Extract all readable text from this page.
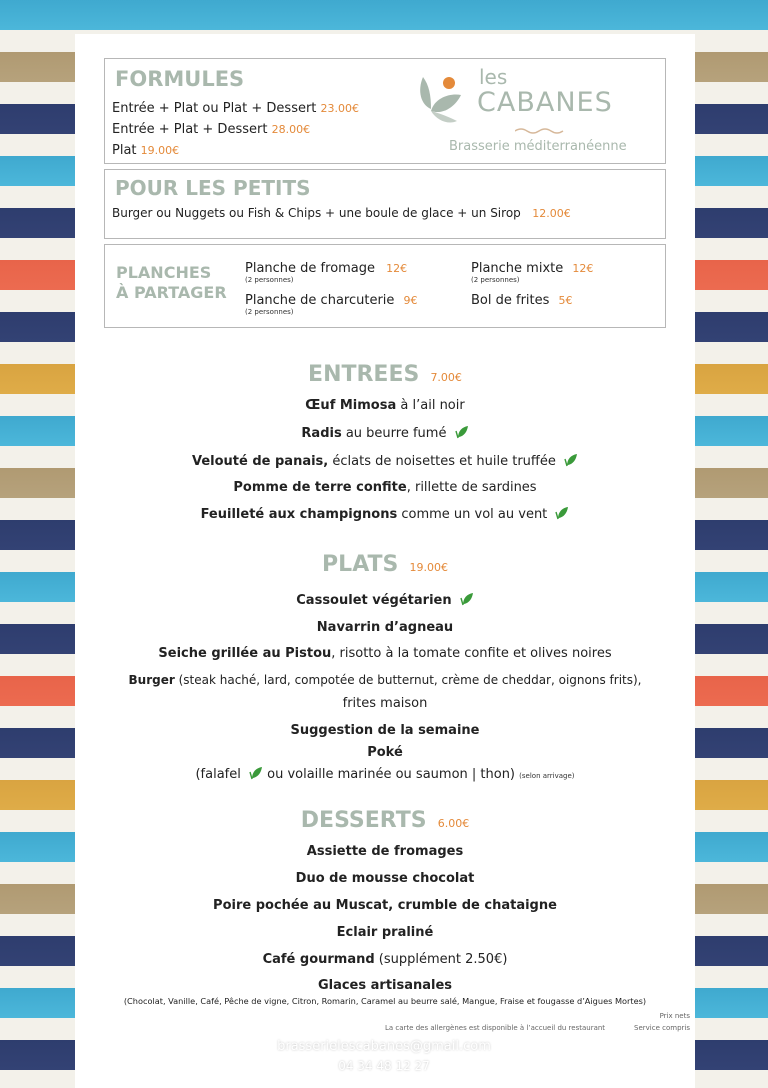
FORMULES
Entrée + Plat ou Plat + Dessert 23.00€
Entrée + Plat + Dessert 28.00€
Plat 19.00€
les
CABANES
Brasserie méditerranéenne
POUR LES PETITS
Burger ou Nuggets ou Fish & Chips + une boule de glace + un Sirop 12.00€
PLANCHES
À PARTAGER
Planche de fromage 12€
(2 personnes)
Planche de charcuterie 9€
(2 personnes)
Planche mixte 12€
(2 personnes)
Bol de frites 5€
ENTREES 7.00€
Œuf Mimosa à l’ail noir
Radis au beurre fumé
Velouté de panais, éclats de noisettes et huile truffée
Pomme de terre confite, rillette de sardines
Feuilleté aux champignons comme un vol au vent
PLATS 19.00€
Cassoulet végétarien
Navarrin d’agneau
Seiche grillée au Pistou, risotto à la tomate confite et olives noires
Burger (steak haché, lard, compotée de butternut, crème de cheddar, oignons frits),
frites maison
Suggestion de la semaine
Poké
(falafel  ou volaille marinée ou saumon | thon) (selon arrivage)
DESSERTS 6.00€
Assiette de fromages
Duo de mousse chocolat
Poire pochée au Muscat, crumble de chataigne
Eclair praliné
Café gourmand (supplément 2.50€)
Glaces artisanales
(Chocolat, Vanille, Café, Pêche de vigne, Citron, Romarin, Caramel au beurre salé, Mangue, Fraise et fougasse d’Aigues Mortes)
Prix nets
La carte des allergènes est disponible à l’accueil du restaurant	Service compris
brasserielescabanes@gmail.com
04 34 48 12 27
